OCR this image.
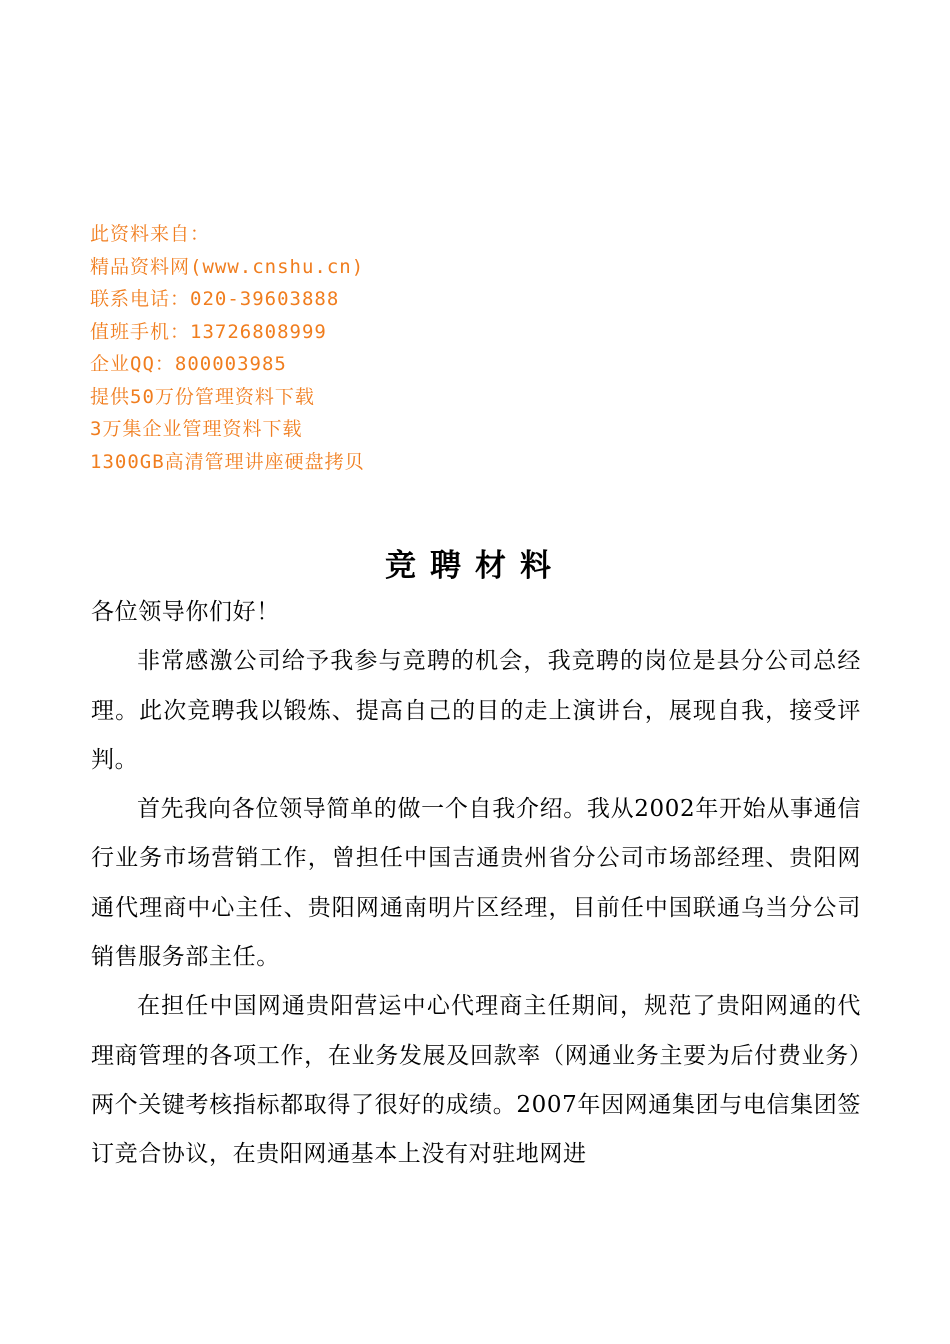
此资料来自：
精品资料网(www.cnshu.cn)
联系电话：020-39603888
值班手机：13726808999
企业QQ：800003985
提供50万份管理资料下载
3万集企业管理资料下载
1300GB高清管理讲座硬盘拷贝
竞聘材料

各位领导你们好！

非常感激公司给予我参与竞聘的机会，我竞聘的岗位是县分公司总经理。此次竞聘我以锻炼、提高自己的目的走上演讲台，展现自我，接受评判。

首先我向各位领导简单的做一个自我介绍。我从2002年开始从事通信行业务市场营销工作，曾担任中国吉通贵州省分公司市场部经理、贵阳网通代理商中心主任、贵阳网通南明片区经理，目前任中国联通乌当分公司销售服务部主任。

在担任中国网通贵阳营运中心代理商主任期间，规范了贵阳网通的代理商管理的各项工作，在业务发展及回款率（网通业务主要为后付费业务）两个关键考核指标都取得了很好的成绩。2007年因网通集团与电信集团签订竞合协议，在贵阳网通基本上没有对驻地网进
